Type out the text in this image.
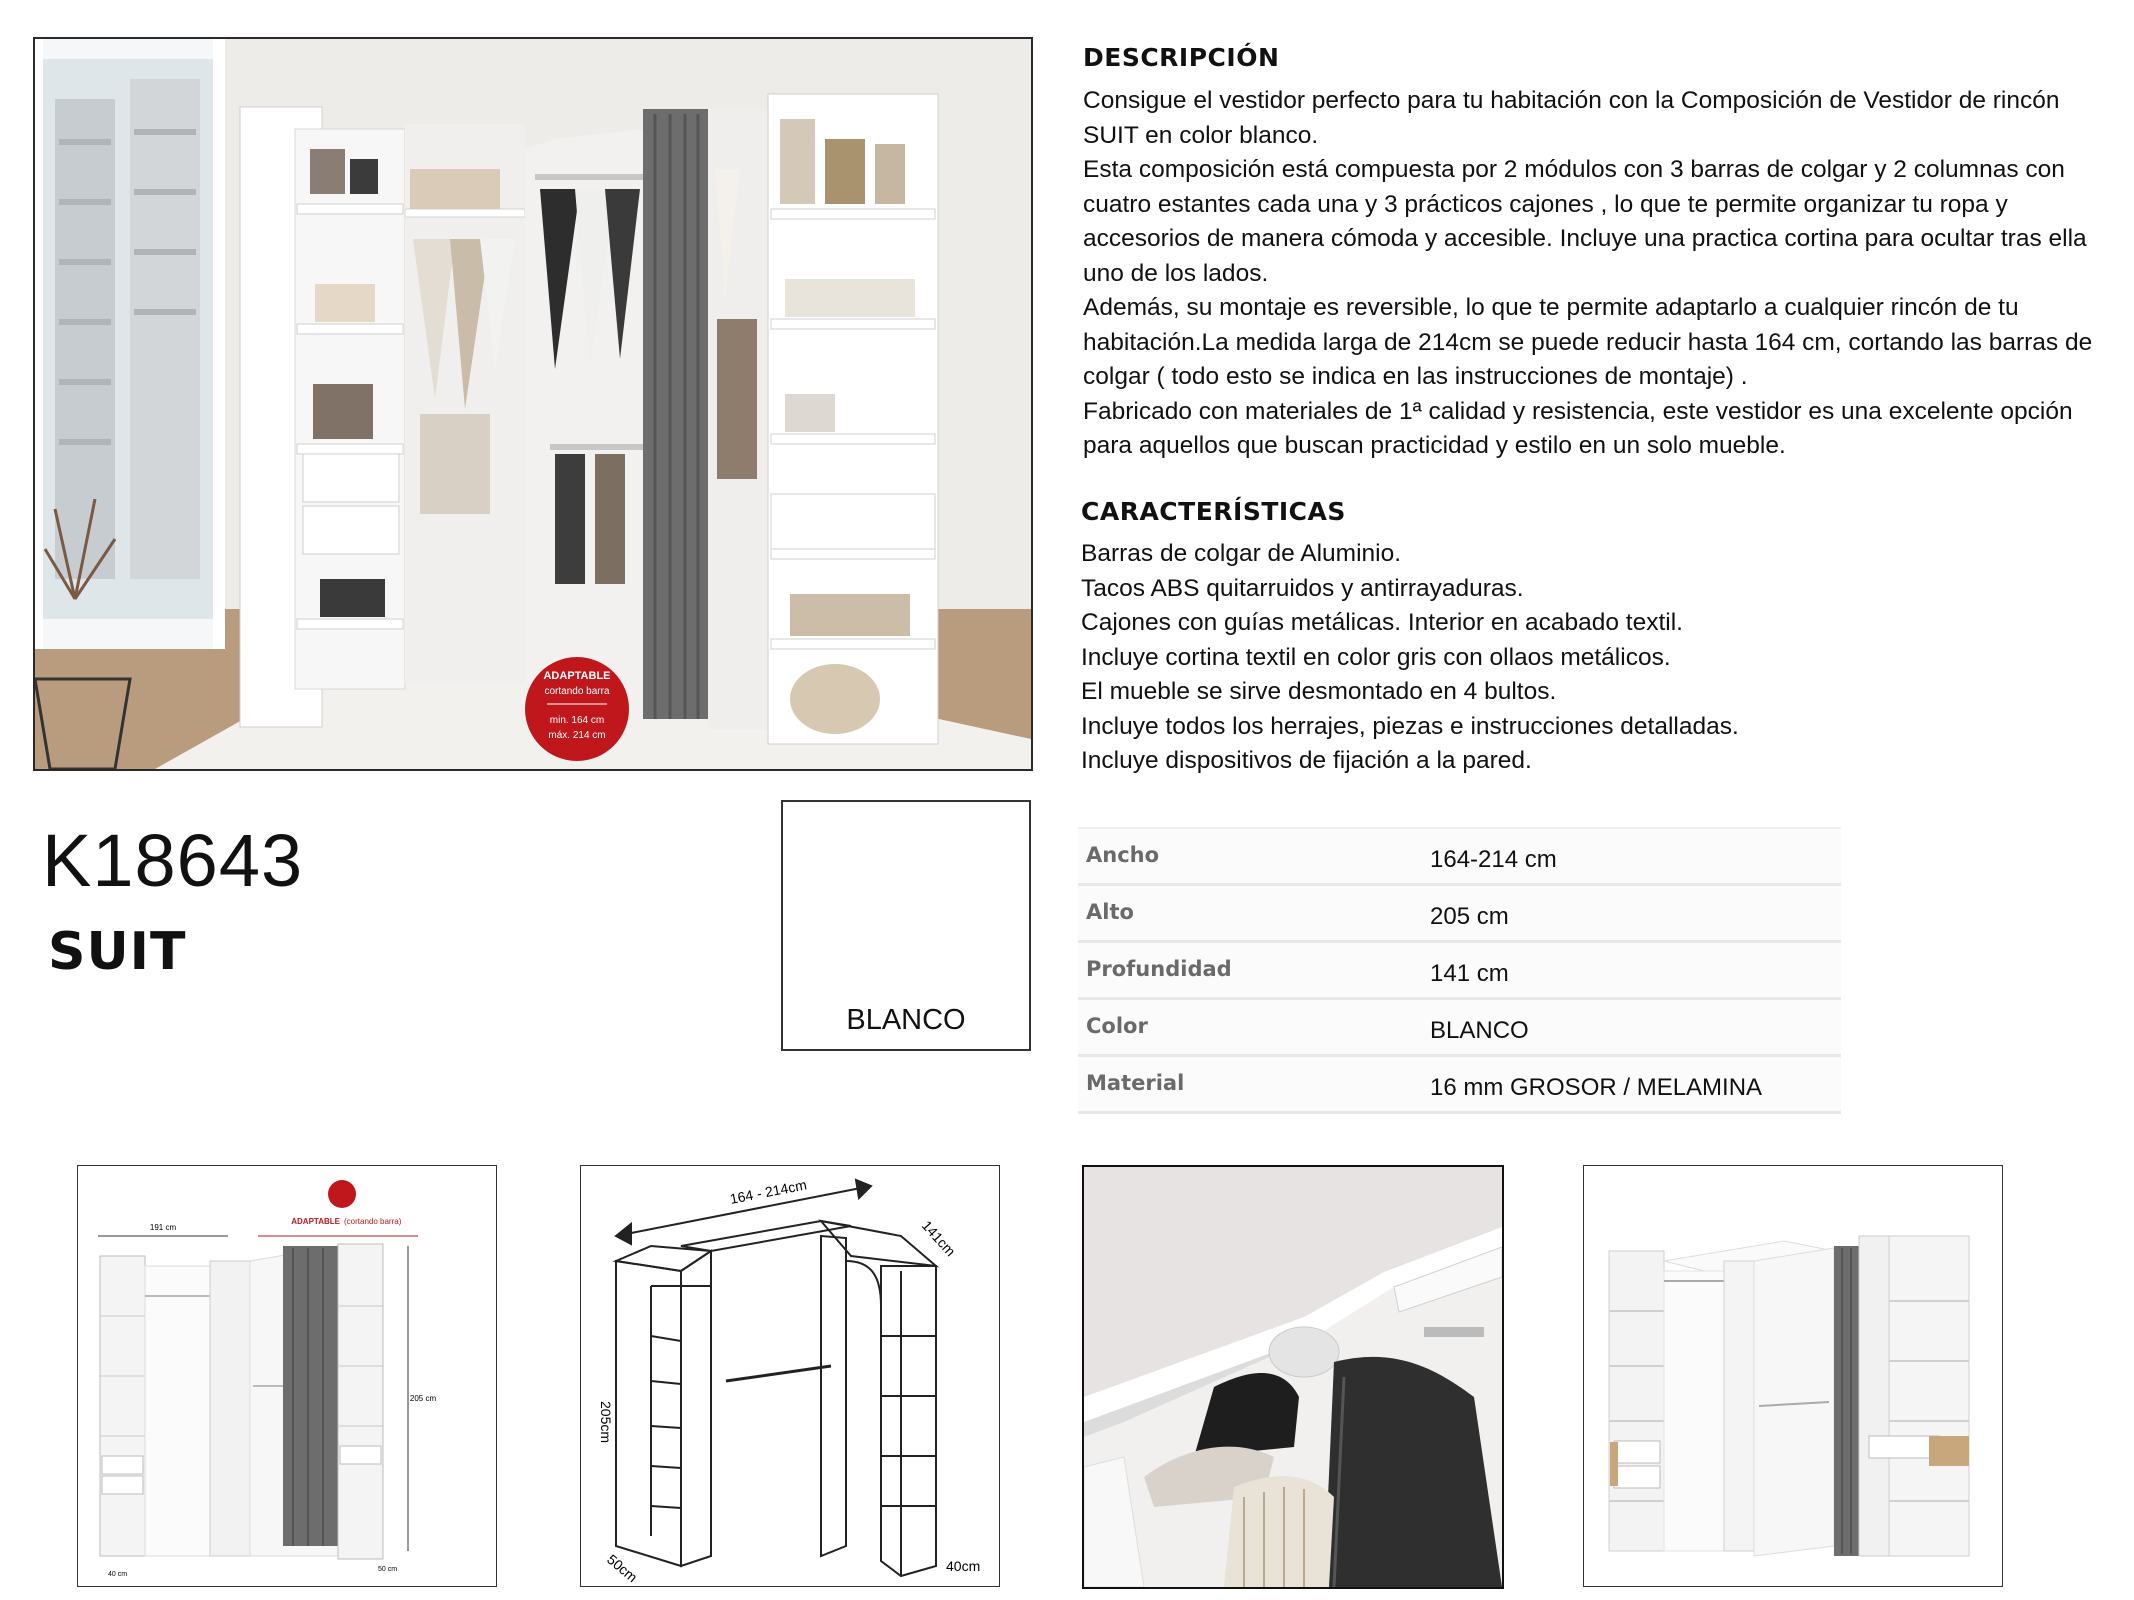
ADAPTABLE
cortando barra
min. 164 cm
máx. 214 cm
DESCRIPCIÓN

Consigue el vestidor perfecto para tu habitación con la Composición de Vestidor de rincón SUIT en color blanco.

Esta composición está compuesta por 2 módulos con 3 barras de colgar y 2 columnas con cuatro estantes cada una y 3 prácticos cajones , lo que te permite organizar tu ropa y accesorios de manera cómoda y accesible. Incluye una practica cortina para ocultar tras ella uno de los lados.

Además, su montaje es reversible, lo que te permite adaptarlo a cualquier rincón de tu habitación.La medida larga de 214cm se puede reducir hasta 164 cm, cortando las barras de colgar ( todo esto se indica en las instrucciones de montaje) .

Fabricado con materiales de 1ª calidad y resistencia, este vestidor es una excelente opción para aquellos que buscan practicidad y estilo en un solo mueble.

CARACTERÍSTICAS
Barras de colgar de Aluminio.
Tacos ABS quitarruidos y antirrayaduras.
Cajones con guías metálicas. Interior en acabado textil.
Incluye cortina textil en color gris con ollaos metálicos.
El mueble se sirve desmontado en 4 bultos.
Incluye todos los herrajes, piezas e instrucciones detalladas.
Incluye dispositivos de fijación a la pared.
K18643
SUIT
BLANCO
Ancho	164-214 cm
Alto	205 cm
Profundidad	141 cm
Color	BLANCO
Material	16 mm GROSOR / MELAMINA
191 cm
ADAPTABLE (cortando barra)
205 cm
40 cm
50 cm
164 - 214cm
141cm
205cm
50cm	40cm
